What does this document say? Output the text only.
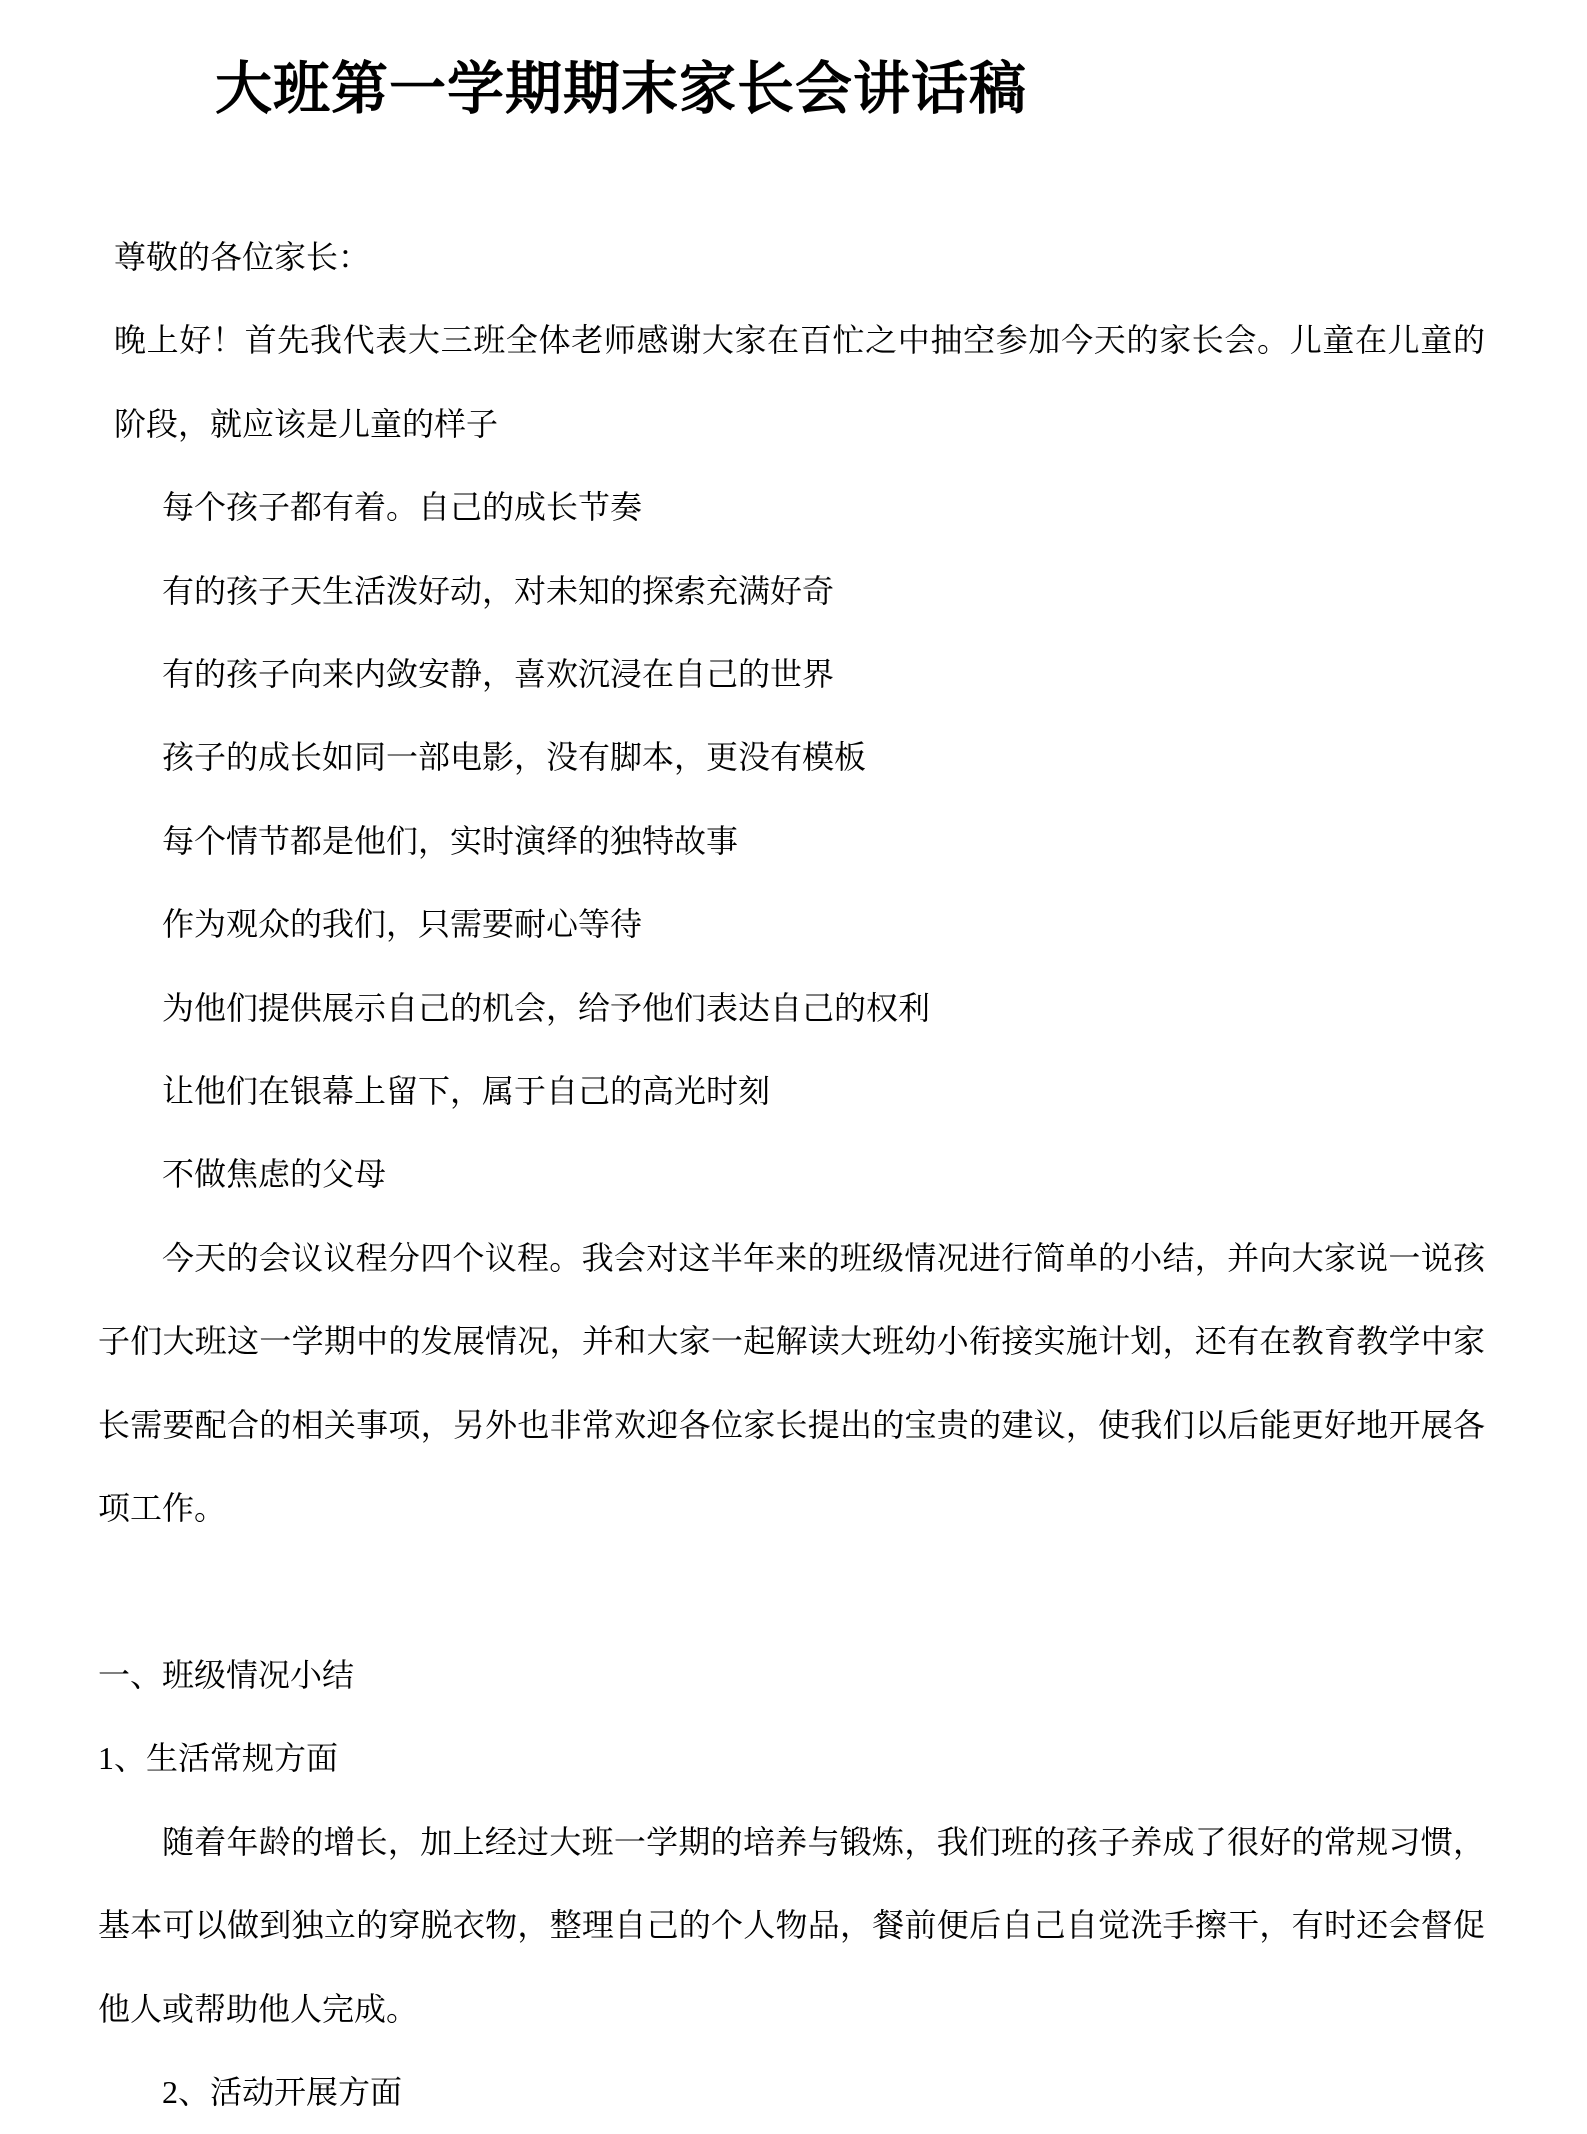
大班第一学期期末家长会讲话稿

尊敬的各位家长：

晚上好！首先我代表大三班全体老师感谢大家在百忙之中抽空参加今天的家长会。儿童在儿童的阶段，就应该是儿童的样子

每个孩子都有着。自己的成长节奏

有的孩子天生活泼好动，对未知的探索充满好奇

有的孩子向来内敛安静，喜欢沉浸在自己的世界

孩子的成长如同一部电影，没有脚本，更没有模板

每个情节都是他们，实时演绎的独特故事

作为观众的我们，只需要耐心等待

为他们提供展示自己的机会，给予他们表达自己的权利

让他们在银幕上留下，属于自己的高光时刻

不做焦虑的父母

今天的会议议程分四个议程。我会对这半年来的班级情况进行简单的小结，并向大家说一说孩子们大班这一学期中的发展情况，并和大家一起解读大班幼小衔接实施计划，还有在教育教学中家长需要配合的相关事项，另外也非常欢迎各位家长提出的宝贵的建议，使我们以后能更好地开展各项工作。

一、班级情况小结

1、生活常规方面

随着年龄的增长，加上经过大班一学期的培养与锻炼，我们班的孩子养成了很好的常规习惯，基本可以做到独立的穿脱衣物，整理自己的个人物品，餐前便后自己自觉洗手擦干，有时还会督促他人或帮助他人完成。

2、活动开展方面
